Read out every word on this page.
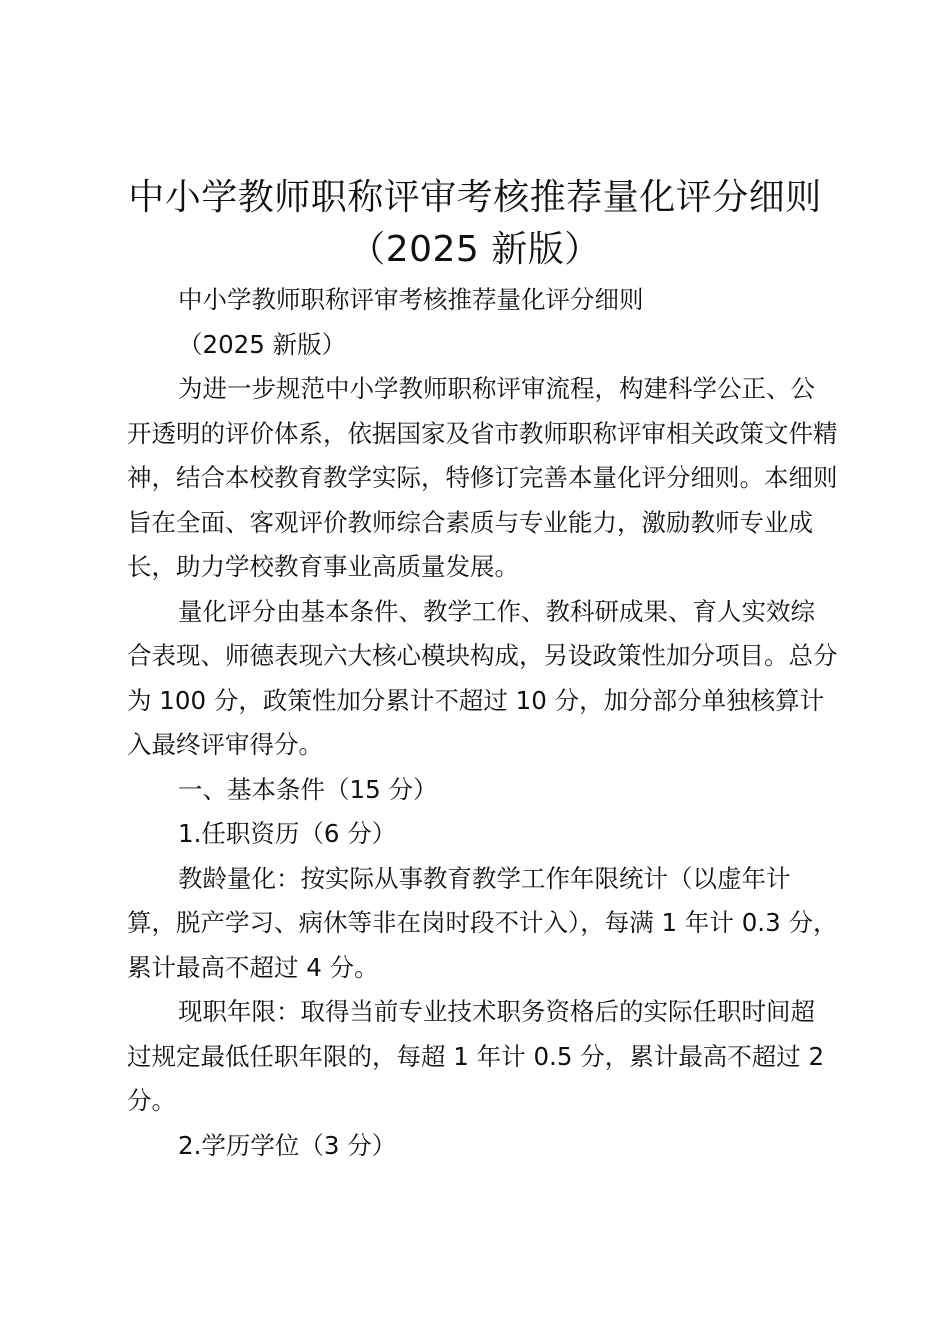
中小学教师职称评审考核推荐量化评分细则
（2025 新版）

中小学教师职称评审考核推荐量化评分细则

（2025 新版）

为进一步规范中小学教师职称评审流程，构建科学公正、公开透明的评价体系，依据国家及省市教师职称评审相关政策文件精神，结合本校教育教学实际，特修订完善本量化评分细则。本细则旨在全面、客观评价教师综合素质与专业能力，激励教师专业成长，助力学校教育事业高质量发展。

量化评分由基本条件、教学工作、教科研成果、育人实效综合表现、师德表现六大核心模块构成，另设政策性加分项目。总分为 100 分，政策性加分累计不超过 10 分，加分部分单独核算计入最终评审得分。

一、基本条件（15 分）

1.任职资历（6 分）

教龄量化：按实际从事教育教学工作年限统计（以虚年计算，脱产学习、病休等非在岗时段不计入），每满 1 年计 0.3 分，累计最高不超过 4 分。

现职年限：取得当前专业技术职务资格后的实际任职时间超过规定最低任职年限的，每超 1 年计 0.5 分，累计最高不超过 2 分。

2.学历学位（3 分）
